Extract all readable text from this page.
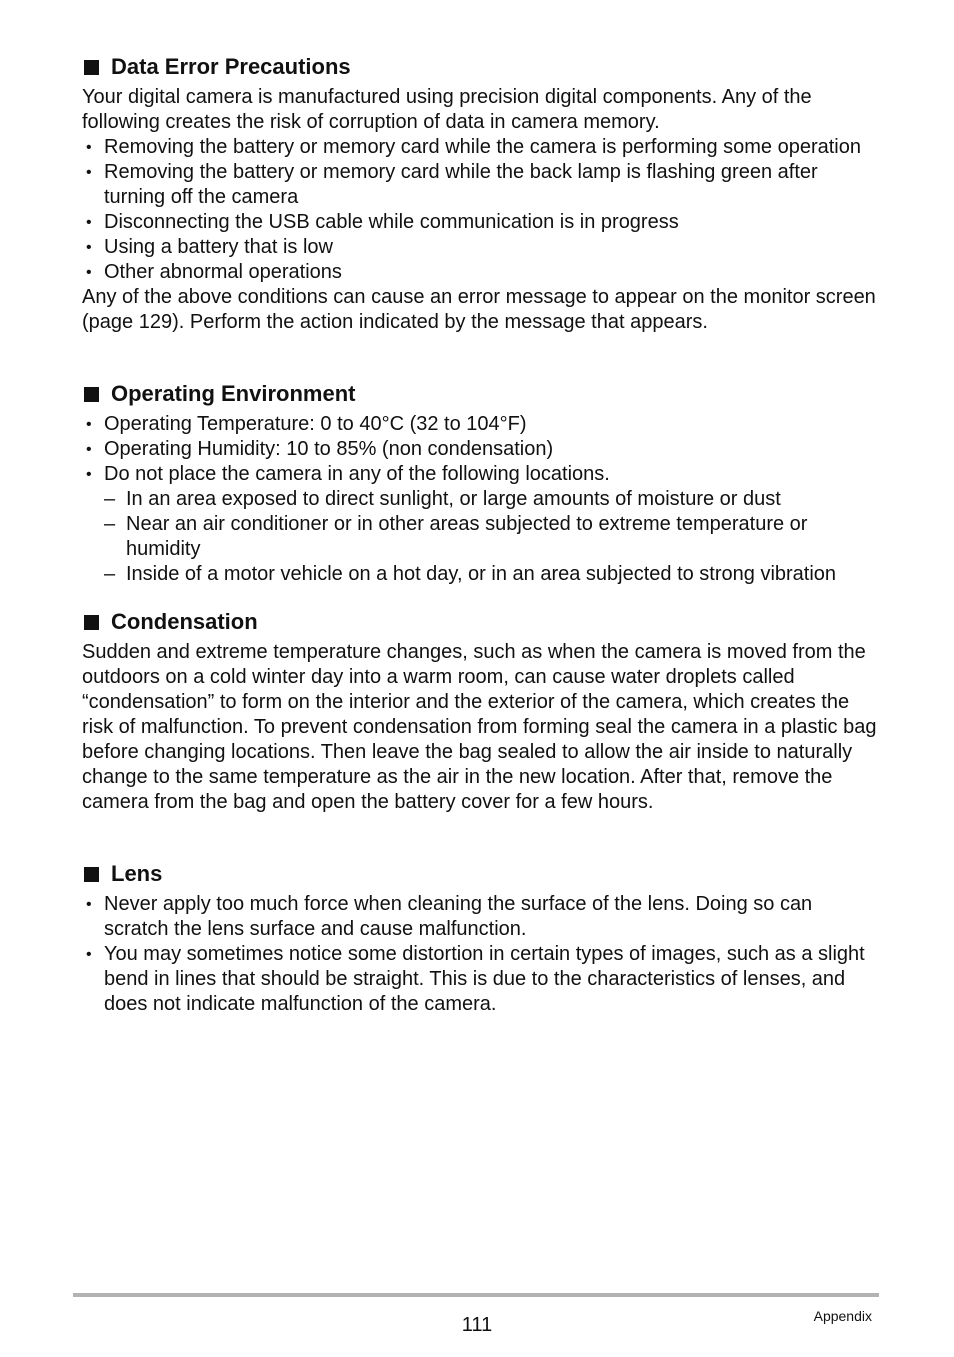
Data Error Precautions

Your digital camera is manufactured using precision digital components. Any of the following creates the risk of corruption of data in camera memory.

• Removing the battery or memory card while the camera is performing some operation
• Removing the battery or memory card while the back lamp is flashing green after turning off the camera
• Disconnecting the USB cable while communication is in progress
• Using a battery that is low
• Other abnormal operations

Any of the above conditions can cause an error message to appear on the monitor screen (page 129). Perform the action indicated by the message that appears.

Operating Environment
• Operating Temperature: 0 to 40°C (32 to 104°F)
• Operating Humidity: 10 to 85% (non condensation)
• Do not place the camera in any of the following locations.
– In an area exposed to direct sunlight, or large amounts of moisture or dust
– Near an air conditioner or in other areas subjected to extreme temperature or humidity
– Inside of a motor vehicle on a hot day, or in an area subjected to strong vibration
Condensation

Sudden and extreme temperature changes, such as when the camera is moved from the outdoors on a cold winter day into a warm room, can cause water droplets called “condensation” to form on the interior and the exterior of the camera, which creates the risk of malfunction. To prevent condensation from forming seal the camera in a plastic bag before changing locations. Then leave the bag sealed to allow the air inside to naturally change to the same temperature as the air in the new location. After that, remove the camera from the bag and open the battery cover for a few hours.

Lens
• Never apply too much force when cleaning the surface of the lens. Doing so can scratch the lens surface and cause malfunction.
• You may sometimes notice some distortion in certain types of images, such as a slight bend in lines that should be straight. This is due to the characteristics of lenses, and does not indicate malfunction of the camera.
111	Appendix
